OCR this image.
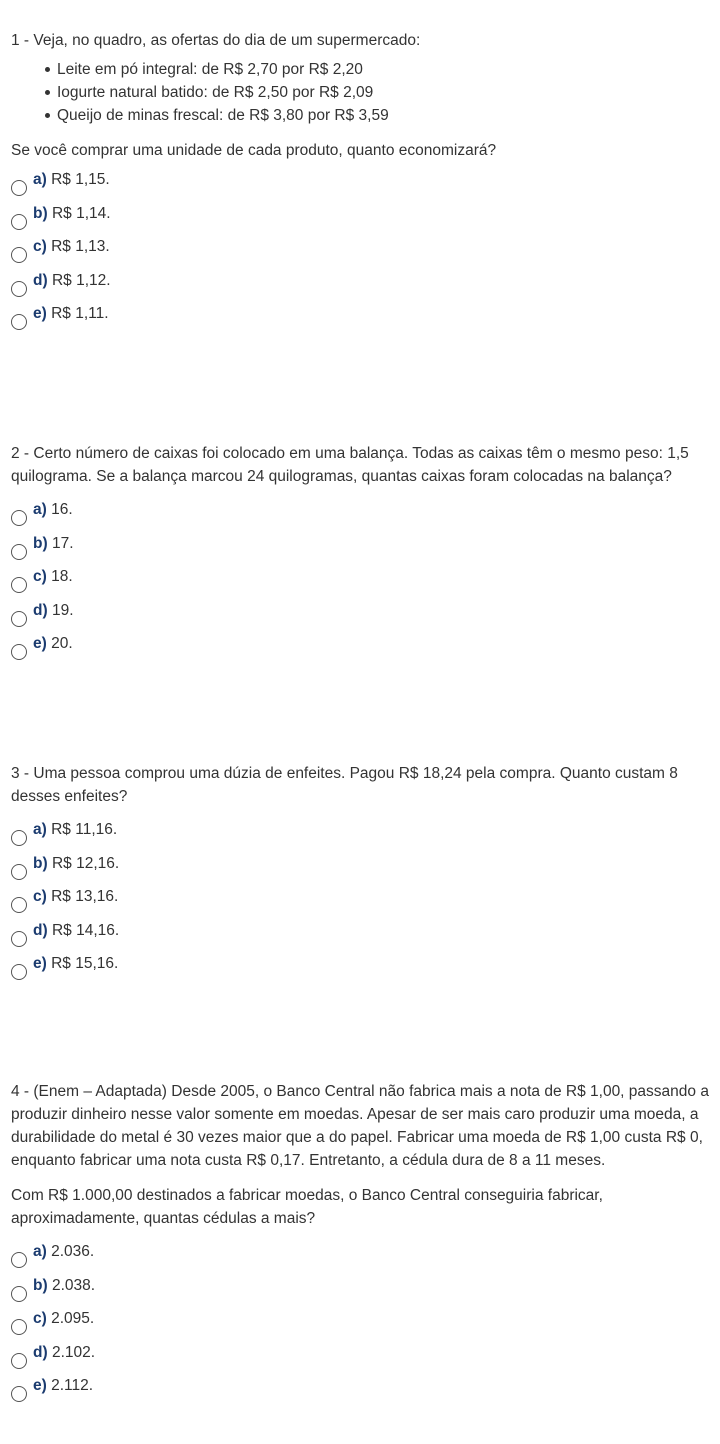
1 - Veja, no quadro, as ofertas do dia de um supermercado:

Leite em pó integral: de R$ 2,70 por R$ 2,20
Iogurte natural batido: de R$ 2,50 por R$ 2,09
Queijo de minas frescal: de R$ 3,80 por R$ 3,59

Se você comprar uma unidade de cada produto, quanto economizará?

a) R$ 1,15.
b) R$ 1,14.
c) R$ 1,13.
d) R$ 1,12.
e) R$ 1,11.

2 - Certo número de caixas foi colocado em uma balança. Todas as caixas têm o mesmo peso: 1,5
quilograma. Se a balança marcou 24 quilogramas, quantas caixas foram colocadas na balança?

a) 16.
b) 17.
c) 18.
d) 19.
e) 20.

3 - Uma pessoa comprou uma dúzia de enfeites. Pagou R$ 18,24 pela compra. Quanto custam 8
desses enfeites?

a) R$ 11,16.
b) R$ 12,16.
c) R$ 13,16.
d) R$ 14,16.
e) R$ 15,16.

4 - (Enem – Adaptada) Desde 2005, o Banco Central não fabrica mais a nota de R$ 1,00, passando a
produzir dinheiro nesse valor somente em moedas. Apesar de ser mais caro produzir uma moeda, a
durabilidade do metal é 30 vezes maior que a do papel. Fabricar uma moeda de R$ 1,00 custa R$ 0,
enquanto fabricar uma nota custa R$ 0,17. Entretanto, a cédula dura de 8 a 11 meses.

Com R$ 1.000,00 destinados a fabricar moedas, o Banco Central conseguiria fabricar,
aproximadamente, quantas cédulas a mais?

a) 2.036.
b) 2.038.
c) 2.095.
d) 2.102.
e) 2.112.
